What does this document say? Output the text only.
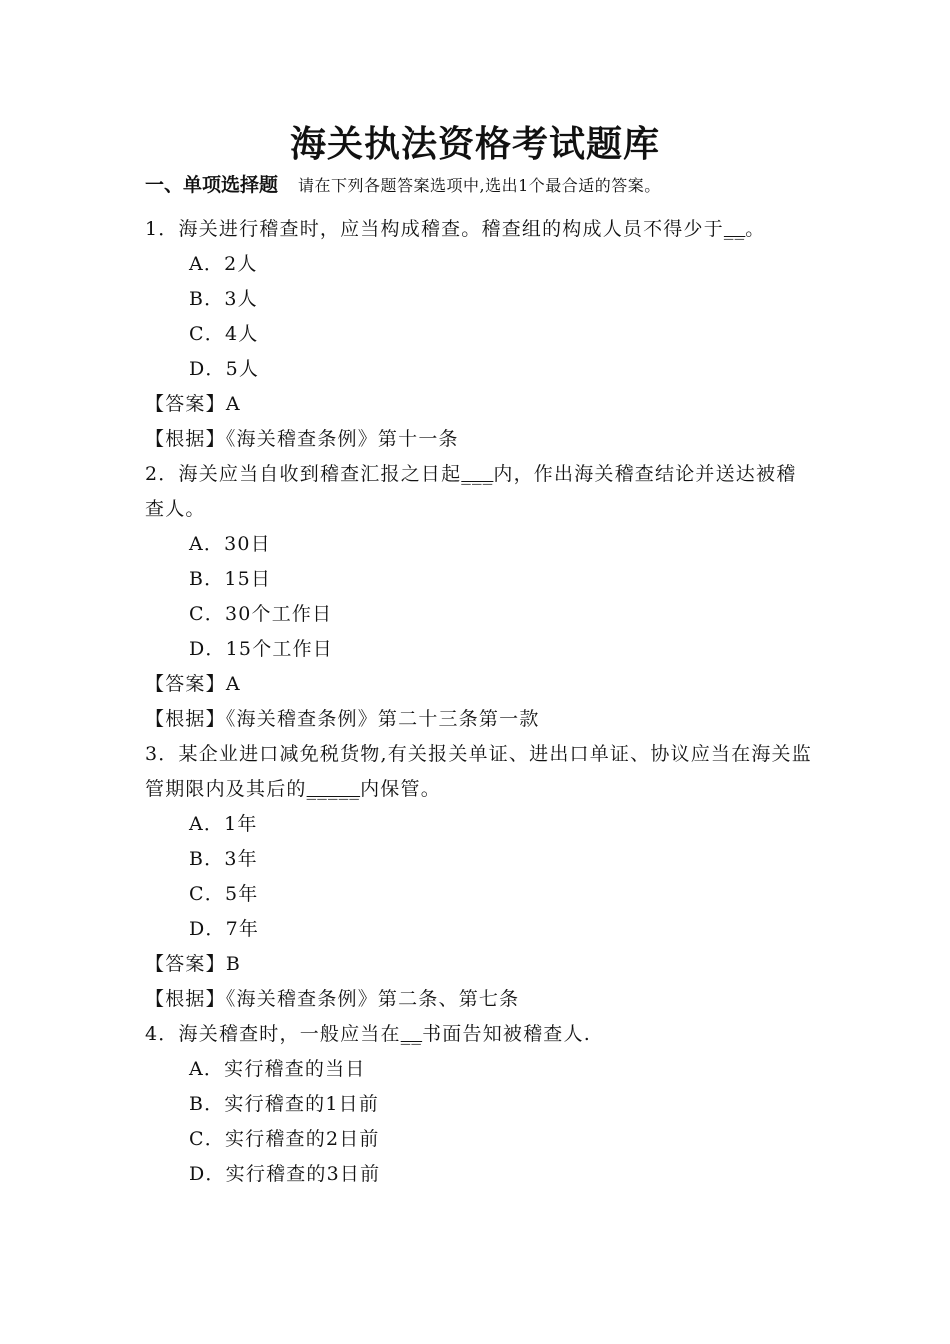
海关执法资格考试题库
一、单项选择题 请在下列各题答案选项中,选出1个最合适的答案。
1．海关进行稽查时，应当构成稽查。稽查组的构成人员不得少于__。
A．2人
B．3人
C．4人
D．5人
【答案】A
【根据】《海关稽查条例》第十一条
2．海关应当自收到稽查汇报之日起___内，作出海关稽查结论并送达被稽查人。
A．30日
B．15日
C．30个工作日
D．15个工作日
【答案】A
【根据】《海关稽查条例》第二十三条第一款
3．某企业进口减免税货物,有关报关单证、进出口单证、协议应当在海关监管期限内及其后的_____内保管。
A．1年
B．3年
C．5年
D．7年
【答案】B
【根据】《海关稽查条例》第二条、第七条
4．海关稽查时，一般应当在__书面告知被稽查人.
A．实行稽查的当日
B．实行稽查的1日前
C．实行稽查的2日前
D．实行稽查的3日前
